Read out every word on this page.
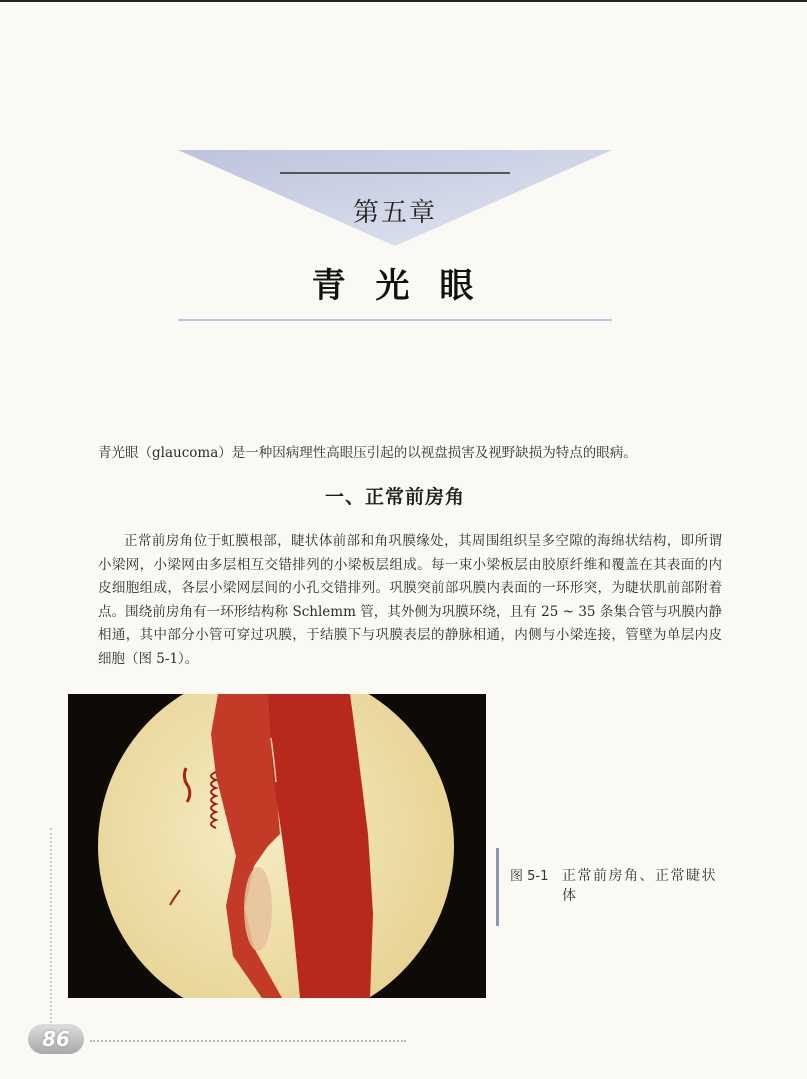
第五章
青 光 眼
青光眼（glaucoma）是一种因病理性高眼压引起的以视盘损害及视野缺损为特点的眼病。
一、正常前房角
正常前房角位于虹膜根部，睫状体前部和角巩膜缘处，其周围组织呈多空隙的海绵状结构，即所谓
小梁网，小梁网由多层相互交错排列的小梁板层组成。每一束小梁板层由胶原纤维和覆盖在其表面的内
皮细胞组成，各层小梁网层间的小孔交错排列。巩膜突前部巩膜内表面的一环形突，为睫状肌前部附着
点。围绕前房角有一环形结构称 Schlemm 管，其外侧为巩膜环绕，且有 25 ~ 35 条集合管与巩膜内静
相通，其中部分小管可穿过巩膜，于结膜下与巩膜表层的静脉相通，内侧与小梁连接，管壁为单层内皮
细胞（图 5-1）。
图 5-1 正常前房角、正常睫状
体
86
